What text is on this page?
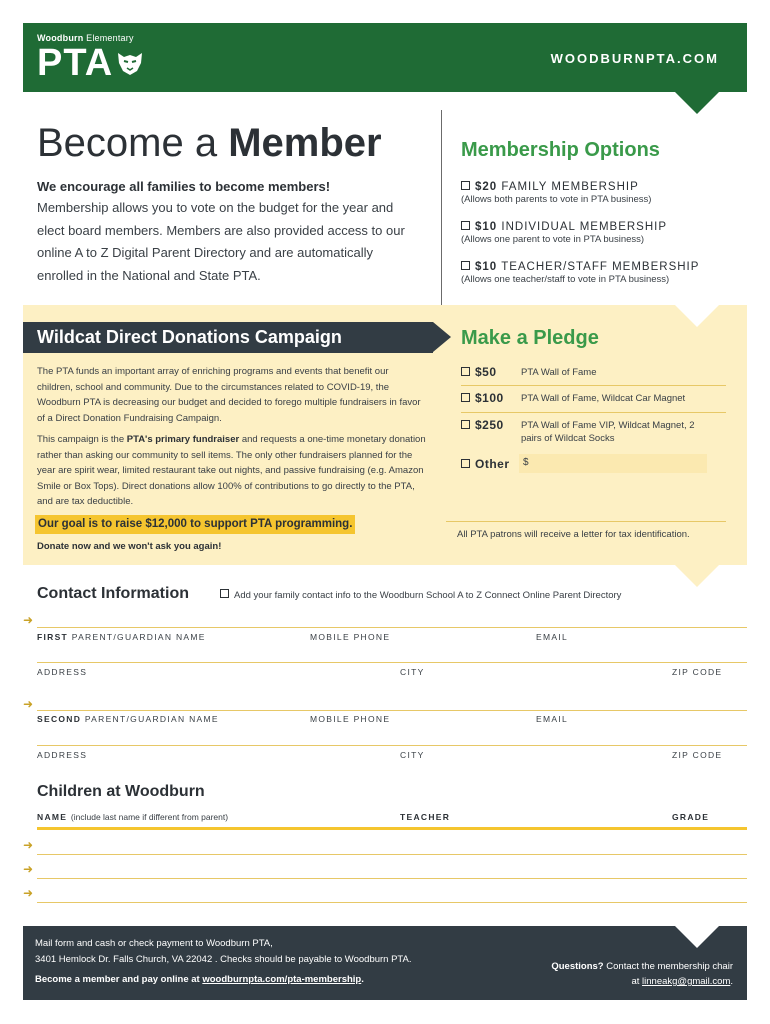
Woodburn Elementary
PTA	WOODBURNPTA.COM
Become a Member
We encourage all families to become members!
Membership allows you to vote on the budget for the year and elect board members. Members are also provided access to our online A to Z Digital Parent Directory and are automatically enrolled in the National and State PTA.
Membership Options
$20 FAMILY MEMBERSHIP
(Allows both parents to vote in PTA business)
$10 INDIVIDUAL MEMBERSHIP
(Allows one parent to vote in PTA business)
$10 TEACHER/STAFF MEMBERSHIP
(Allows one teacher/staff to vote in PTA business)
Wildcat Direct Donations Campaign
The PTA funds an important array of enriching programs and events that benefit our children, school and community. Due to the circumstances related to COVID-19, the Woodburn PTA is decreasing our budget and decided to forego multiple fundraisers in favor of a Direct Donation Fundraising Campaign.
This campaign is the PTA's primary fundraiser and requests a one-time monetary donation rather than asking our community to sell items. The only other fundraisers planned for the year are spirit wear, limited restaurant take out nights, and passive fundraising (e.g. Amazon Smile or Box Tops). Direct donations allow 100% of contributions to go directly to the PTA, and are tax deductible.
Our goal is to raise $12,000 to support PTA programming.
Donate now and we won't ask you again!
Make a Pledge
$50	PTA Wall of Fame
$100 PTA Wall of Fame, Wildcat Car Magnet
$250 PTA Wall of Fame VIP, Wildcat Magnet, 2 pairs of Wildcat Socks
Other $
All PTA patrons will receive a letter for tax identification.
Contact Information	Add your family contact info to the Woodburn School A to Z Connect Online Parent Directory
➜
FIRST PARENT/GUARDIAN NAME	MOBILE PHONE	EMAIL
ADDRESS	CITY	ZIP CODE
➜
SECOND PARENT/GUARDIAN NAME	MOBILE PHONE	EMAIL
ADDRESS	CITY	ZIP CODE
Children at Woodburn
NAME (include last name if different from parent)	TEACHER	GRADE
➜
➜
➜
Mail form and cash or check payment to Woodburn PTA,
3401 Hemlock Dr. Falls Church, VA 22042 . Checks should be payable to Woodburn PTA.
Become a member and pay online at woodburnpta.com/pta-membership.
Questions? Contact the membership chair
at linneakg@gmail.com.
